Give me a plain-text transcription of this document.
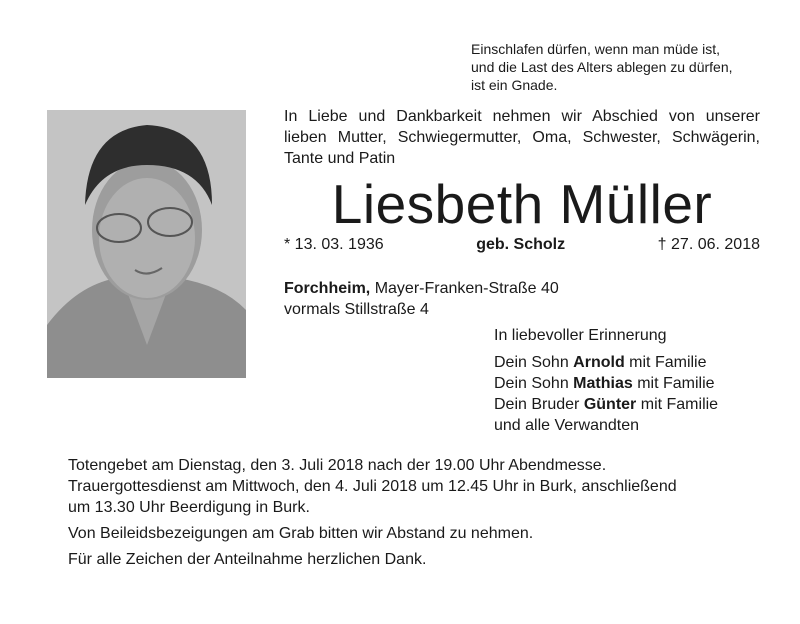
Einschlafen dürfen, wenn man müde ist,
und die Last des Alters ablegen zu dürfen,
ist ein Gnade.
In Liebe und Dankbarkeit nehmen wir Abschied von unserer
lieben Mutter, Schwiegermutter, Oma, Schwester, Schwägerin,
Tante und Patin
Liesbeth Müller
* 13. 03. 1936	geb. Scholz	† 27. 06. 2018
Forchheim, Mayer-Franken-Straße 40
vormals Stillstraße 4
In liebevoller Erinnerung
Dein Sohn Arnold mit Familie
Dein Sohn Mathias mit Familie
Dein Bruder Günter mit Familie
und alle Verwandten

Totengebet am Dienstag, den 3. Juli 2018 nach der 19.00 Uhr Abendmesse.
Trauergottesdienst am Mittwoch, den 4. Juli 2018 um 12.45 Uhr in Burk, anschließend
um 13.30 Uhr Beerdigung in Burk.

Von Beileidsbezeigungen am Grab bitten wir Abstand zu nehmen.

Für alle Zeichen der Anteilnahme herzlichen Dank.
